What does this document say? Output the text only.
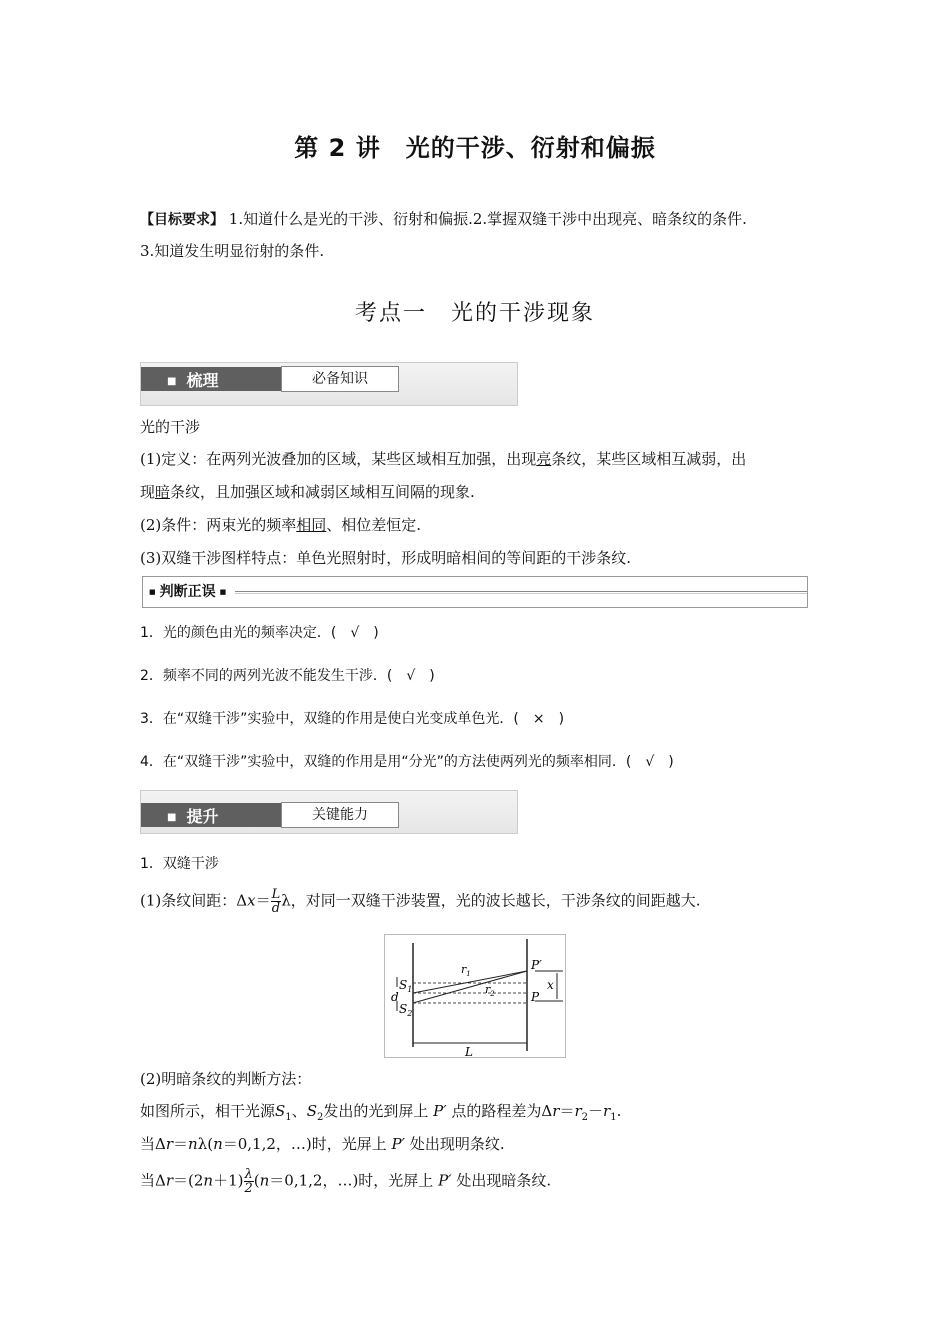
第 2 讲　光的干涉、衍射和偏振
【目标要求】 1.知道什么是光的干涉、衍射和偏振.2.掌握双缝干涉中出现亮、暗条纹的条件.
3.知道发生明显衍射的条件.
考点一　光的干涉现象
■ 梳理	必备知识
光的干涉
(1)定义：在两列光波叠加的区域，某些区域相互加强，出现亮条纹，某些区域相互减弱，出
现暗条纹，且加强区域和减弱区域相互间隔的现象.
(2)条件：两束光的频率相同、相位差恒定.
(3)双缝干涉图样特点：单色光照射时，形成明暗相间的等间距的干涉条纹.
■ 判断正误 ■
1．光的颜色由光的频率决定．(　√　)
2．频率不同的两列光波不能发生干涉．(　√　)
3．在“双缝干涉”实验中，双缝的作用是使白光变成单色光．(　×　)
4．在“双缝干涉”实验中，双缝的作用是用“分光”的方法使两列光的频率相同．(　√　)
■ 提升	关键能力
1．双缝干涉
(1)条纹间距：$\Delta x= \frac{L}{d}$ λ，对同一双缝干涉装置，光的波长越长，干涉条纹的间距越大.
$S_1$
d
$S_2$
$r_1$
$r_2$
P′
P
x
L
(2)明暗条纹的判断方法：
如图所示，相干光源$S_1$、$S_2$发出的光到屏上 P′ 点的路程差为$\Delta r=r_2-r_1$.
当Δr＝nλ(n＝0,1,2，…)时，光屏上 P′ 处出现明条纹.
当$\Delta r=(2n+1) \frac{\lambda}{2} (n=0,1,2$，…)时，光屏上 P′ 处出现暗条纹.
